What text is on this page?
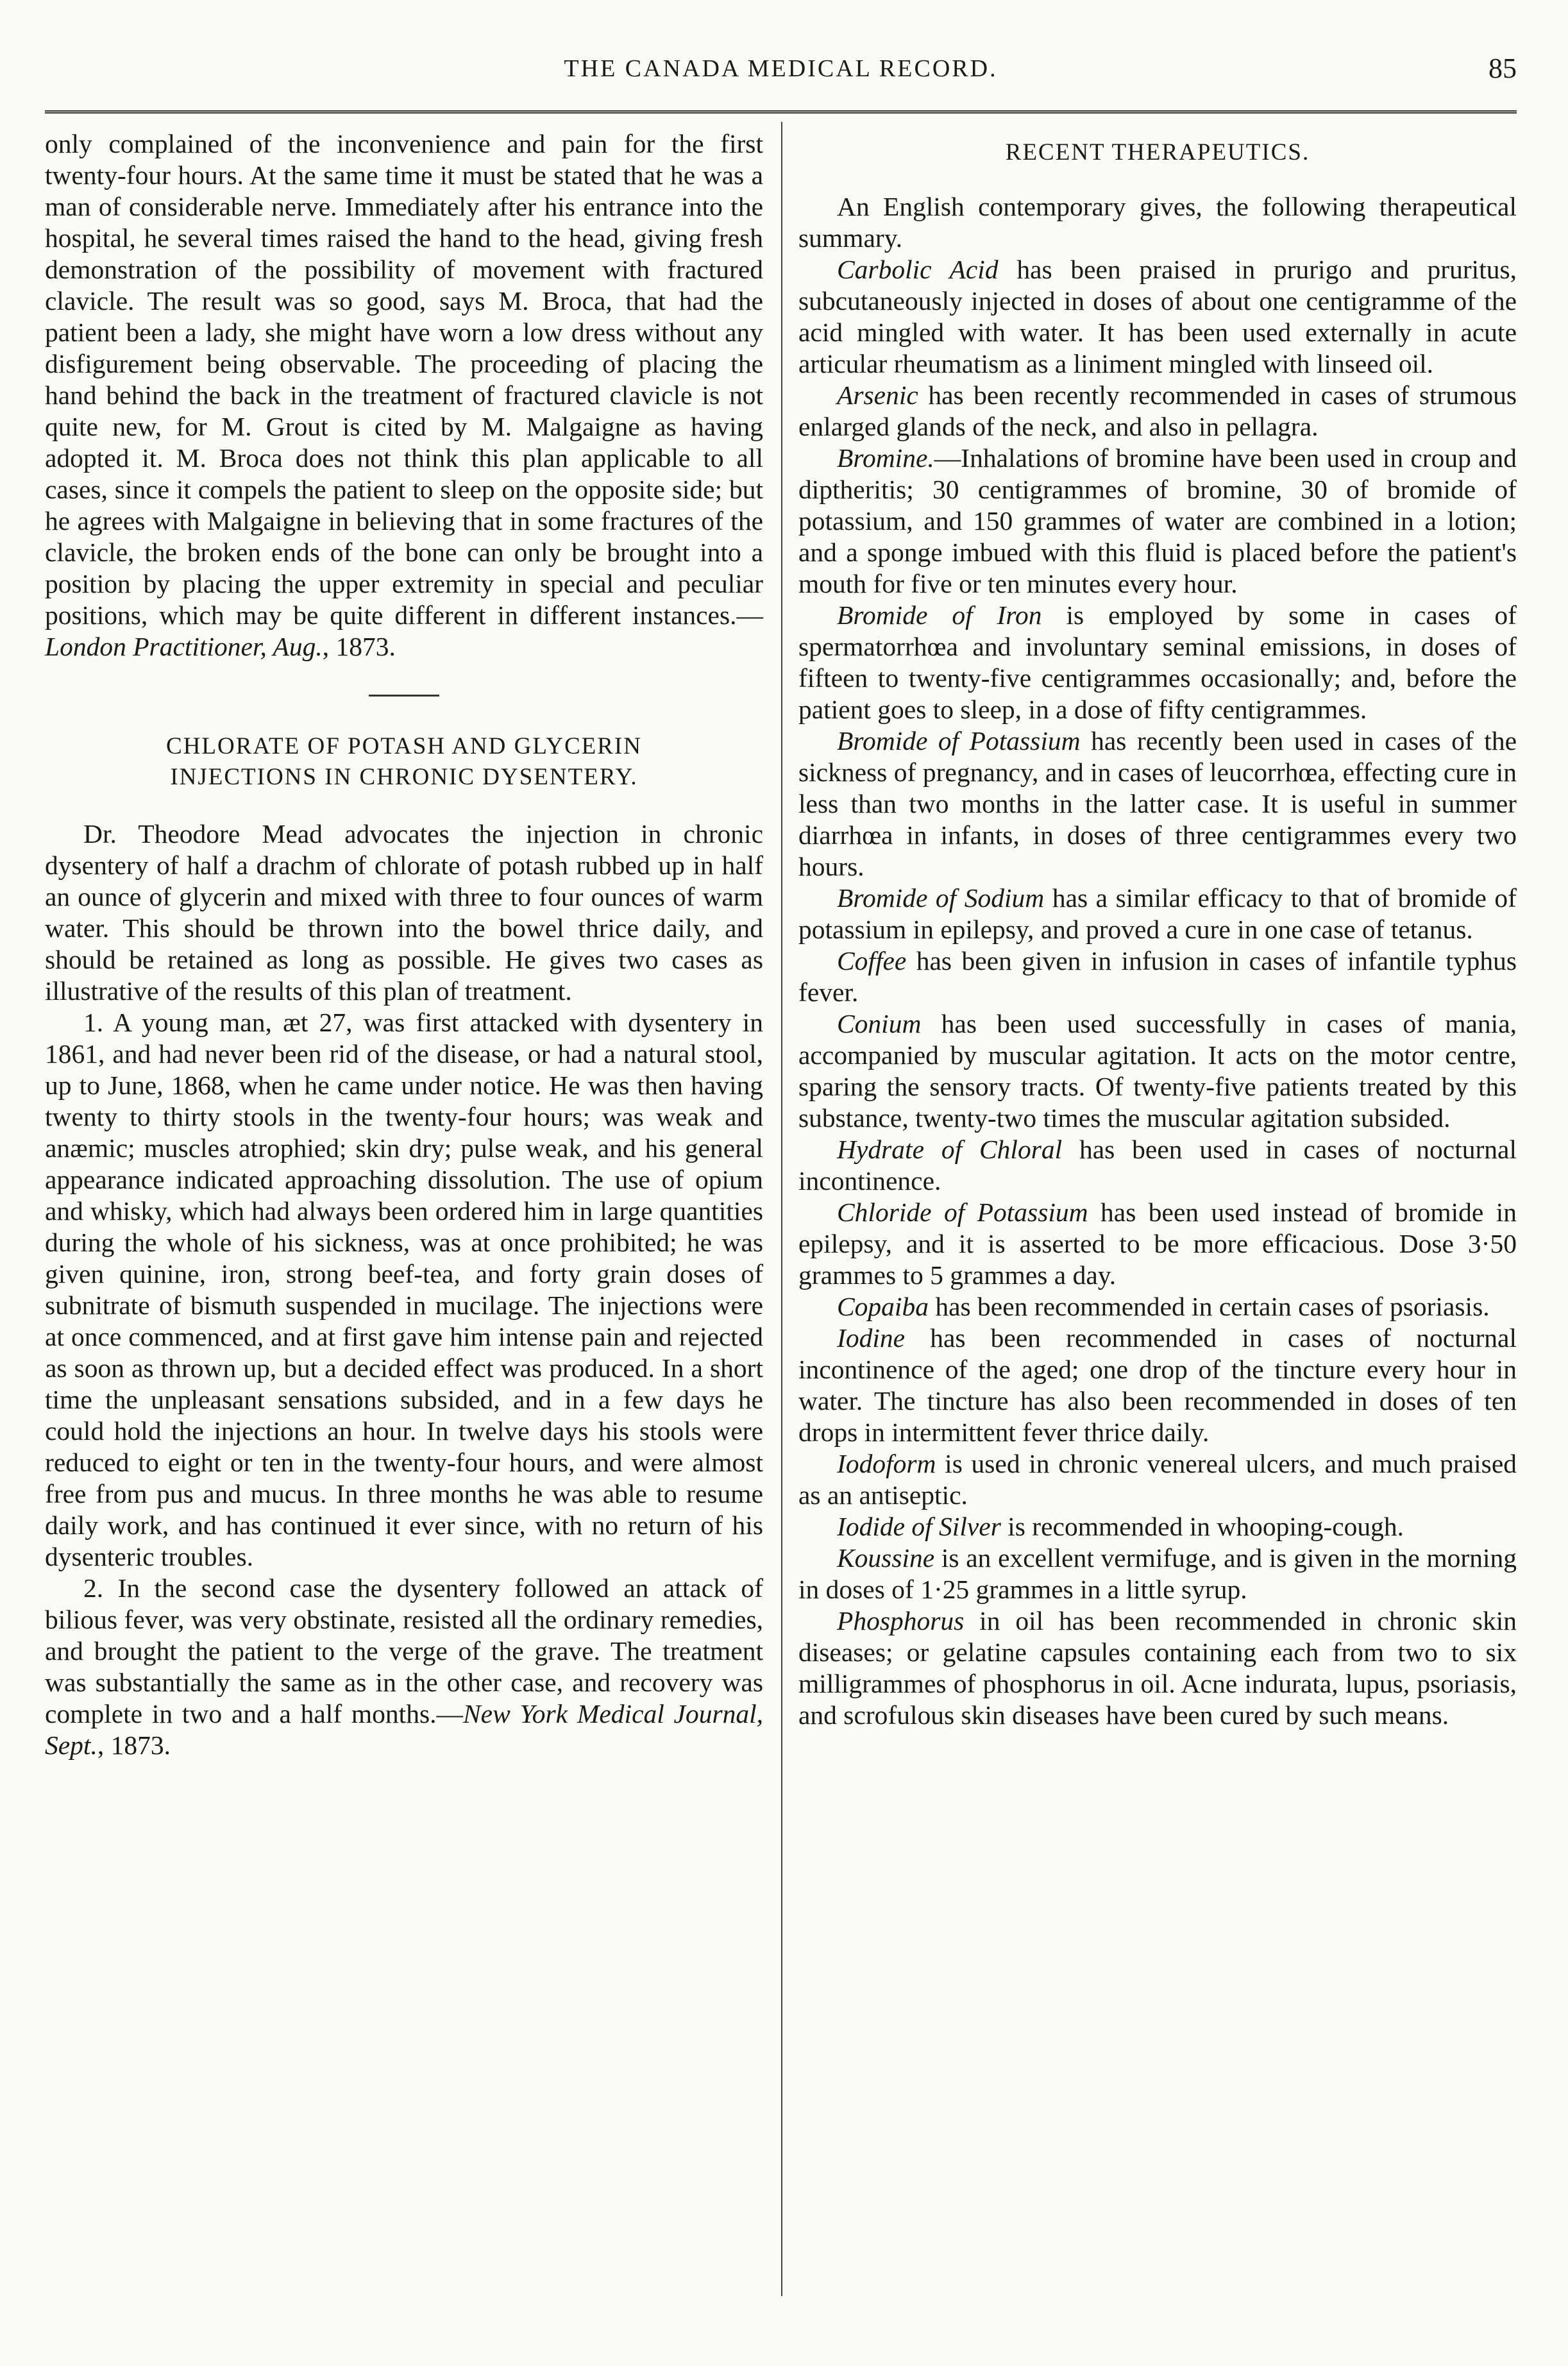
THE CANADA MEDICAL RECORD.	85

only complained of the inconvenience and pain for the first twenty-four hours. At the same time it must be stated that he was a man of considerable nerve. Immediately after his entrance into the hospital, he several times raised the hand to the head, giving fresh demonstration of the possibility of movement with fractured clavicle. The result was so good, says M. Broca, that had the patient been a lady, she might have worn a low dress without any disfigurement being observable. The proceeding of placing the hand behind the back in the treatment of fractured clavicle is not quite new, for M. Grout is cited by M. Malgaigne as having adopted it. M. Broca does not think this plan applicable to all cases, since it compels the patient to sleep on the opposite side; but he agrees with Malgaigne in believing that in some fractures of the clavicle, the broken ends of the bone can only be brought into a position by placing the upper extremity in special and peculiar positions, which may be quite different in different instances.—London Practitioner, Aug., 1873.

CHLORATE OF POTASH AND GLYCERIN INJECTIONS IN CHRONIC DYSENTERY.

Dr. Theodore Mead advocates the injection in chronic dysentery of half a drachm of chlorate of potash rubbed up in half an ounce of glycerin and mixed with three to four ounces of warm water. This should be thrown into the bowel thrice daily, and should be retained as long as possible. He gives two cases as illustrative of the results of this plan of treatment.

1. A young man, æt 27, was first attacked with dysentery in 1861, and had never been rid of the disease, or had a natural stool, up to June, 1868, when he came under notice. He was then having twenty to thirty stools in the twenty-four hours; was weak and anæmic; muscles atrophied; skin dry; pulse weak, and his general appearance indicated approaching dissolution. The use of opium and whisky, which had always been ordered him in large quantities during the whole of his sickness, was at once prohibited; he was given quinine, iron, strong beef-tea, and forty grain doses of subnitrate of bismuth suspended in mucilage. The injections were at once commenced, and at first gave him intense pain and rejected as soon as thrown up, but a decided effect was produced. In a short time the unpleasant sensations subsided, and in a few days he could hold the injections an hour. In twelve days his stools were reduced to eight or ten in the twenty-four hours, and were almost free from pus and mucus. In three months he was able to resume daily work, and has continued it ever since, with no return of his dysenteric troubles.

2. In the second case the dysentery followed an attack of bilious fever, was very obstinate, resisted all the ordinary remedies, and brought the patient to the verge of the grave. The treatment was substantially the same as in the other case, and recovery was complete in two and a half months.—New York Medical Journal, Sept., 1873.

RECENT THERAPEUTICS.

An English contemporary gives, the following therapeutical summary.

Carbolic Acid has been praised in prurigo and pruritus, subcutaneously injected in doses of about one centigramme of the acid mingled with water. It has been used externally in acute articular rheumatism as a liniment mingled with linseed oil.

Arsenic has been recently recommended in cases of strumous enlarged glands of the neck, and also in pellagra.

Bromine.—Inhalations of bromine have been used in croup and diptheritis; 30 centigrammes of bromine, 30 of bromide of potassium, and 150 grammes of water are combined in a lotion; and a sponge imbued with this fluid is placed before the patient's mouth for five or ten minutes every hour.

Bromide of Iron is employed by some in cases of spermatorrhœa and involuntary seminal emissions, in doses of fifteen to twenty-five centigrammes occasionally; and, before the patient goes to sleep, in a dose of fifty centigrammes.

Bromide of Potassium has recently been used in cases of the sickness of pregnancy, and in cases of leucorrhœa, effecting cure in less than two months in the latter case. It is useful in summer diarrhœa in infants, in doses of three centigrammes every two hours.

Bromide of Sodium has a similar efficacy to that of bromide of potassium in epilepsy, and proved a cure in one case of tetanus.

Coffee has been given in infusion in cases of infantile typhus fever.

Conium has been used successfully in cases of mania, accompanied by muscular agitation. It acts on the motor centre, sparing the sensory tracts. Of twenty-five patients treated by this substance, twenty-two times the muscular agitation subsided.

Hydrate of Chloral has been used in cases of nocturnal incontinence.

Chloride of Potassium has been used instead of bromide in epilepsy, and it is asserted to be more efficacious. Dose 3·50 grammes to 5 grammes a day.

Copaiba has been recommended in certain cases of psoriasis.

Iodine has been recommended in cases of nocturnal incontinence of the aged; one drop of the tincture every hour in water. The tincture has also been recommended in doses of ten drops in intermittent fever thrice daily.

Iodoform is used in chronic venereal ulcers, and much praised as an antiseptic.

Iodide of Silver is recommended in whooping-cough.

Koussine is an excellent vermifuge, and is given in the morning in doses of 1·25 grammes in a little syrup.

Phosphorus in oil has been recommended in chronic skin diseases; or gelatine capsules containing each from two to six milligrammes of phosphorus in oil. Acne indurata, lupus, psoriasis, and scrofulous skin diseases have been cured by such means.
